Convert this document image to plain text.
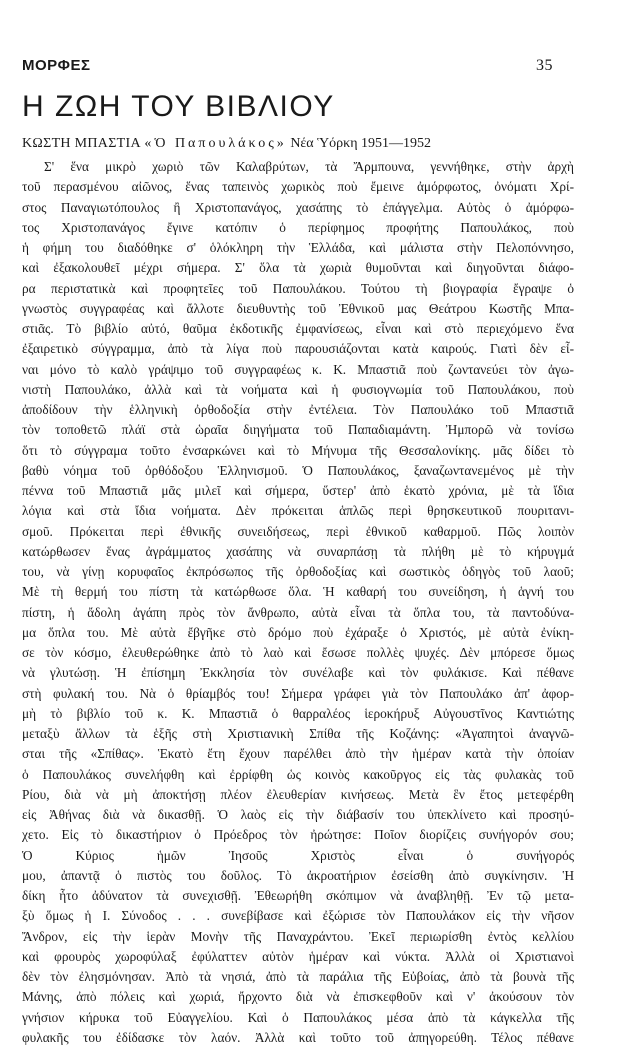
ΜΟΡΦΕΣ	35
Η ΖΩΗ ΤΟΥ ΒΙΒΛΙΟΥ
ΚΩΣΤΗ ΜΠΑΣΤΙΑ «Ὁ Παπουλάκος» Νέα Ὑόρκη 1951—1952
Σ' ἕνα μικρὸ χωριὸ τῶν Καλαβρύτων, τὰ Ἄρμπουνα, γεννήθηκε, στὴν ἀρχὴ
τοῦ περασμένου αἰῶνος, ἕνας ταπεινὸς χωρικὸς ποὺ ἔμεινε ἀμόρφωτος, ὀνόματι Χρί-
στος Παναγιωτόπουλος ἢ Χριστοπανάγος, χασάπης τὸ ἐπάγγελμα. Αὐτὸς ὁ ἀμόρφω-
τος Χριστοπανάγος ἔγινε κατόπιν ὁ περίφημος προφήτης Παπουλάκος, ποὺ
ἡ φήμη του διαδόθηκε σ' ὁλόκληρη τὴν Ἑλλάδα, καὶ μάλιστα στὴν Πελοπόννησο,
καὶ ἐξακολουθεῖ μέχρι σήμερα. Σ' ὅλα τὰ χωριὰ θυμοῦνται καὶ διηγοῦνται διάφο-
ρα περιστατικὰ καὶ προφητεῖες τοῦ Παπουλάκου. Τούτου τὴ βιογραφία ἔγραψε ὁ
γνωστὸς συγγραφέας καὶ ἄλλοτε διευθυντὴς τοῦ Ἐθνικοῦ μας Θεάτρου Κωστῆς Μπα-
στιᾶς. Τὸ βιβλίο αὐτό, θαῦμα ἐκδοτικῆς ἐμφανίσεως, εἶναι καὶ στὸ περιεχόμενο ἕνα
ἐξαιρετικὸ σύγγραμμα, ἀπὸ τὰ λίγα ποὺ παρουσιάζονται κατὰ καιρούς. Γιατὶ δὲν εἶ-
ναι μόνο τὸ καλὸ γράψιμο τοῦ συγγραφέως κ. Κ. Μπαστιᾶ ποὺ ζωντανεύει τὸν ἀγω-
νιστὴ Παπουλάκο, ἀλλὰ καὶ τὰ νοήματα καὶ ἡ φυσιογνωμία τοῦ Παπουλάκου, ποὺ
ἀποδίδουν τὴν ἑλληνικὴ ὀρθοδοξία στὴν ἐντέλεια. Τὸν Παπουλάκο τοῦ Μπαστιᾶ
τὸν τοποθετῶ πλάϊ στὰ ὡραῖα διηγήματα τοῦ Παπαδιαμάντη. Ἠμπορῶ νὰ τονίσω
ὅτι τὸ σύγγραμα τοῦτο ἐνσαρκώνει καὶ τὸ Μήνυμα τῆς Θεσσαλονίκης. μᾶς δίδει τὸ
βαθὺ νόημα τοῦ ὀρθόδοξου Ἑλληνισμοῦ. Ὁ Παπουλάκος, ξαναζωντανεμένος μὲ τὴν
πέννα τοῦ Μπαστιᾶ μᾶς μιλεῖ καὶ σήμερα, ὕστερ' ἀπὸ ἑκατὸ χρόνια, μὲ τὰ ἴδια
λόγια καὶ στὰ ἴδια νοήματα. Δὲν πρόκειται ἁπλῶς περὶ θρησκευτικοῦ πουριτανι-
σμοῦ. Πρόκειται περὶ ἐθνικῆς συνειδήσεως, περὶ ἐθνικοῦ καθαρμοῦ. Πῶς λοιπὸν
κατώρθωσεν ἕνας ἀγράμματος χασάπης νὰ συναρπάσῃ τὰ πλήθη μὲ τὸ κήρυγμά
του, νὰ γίνῃ κορυφαῖος ἐκπρόσωπος τῆς ὀρθοδοξίας καὶ σωστικὸς ὁδηγὸς τοῦ λαοῦ;
Μὲ τὴ θερμή του πίστη τὰ κατώρθωσε ὅλα. Ἡ καθαρή του συνείδηση, ἡ ἁγνή του
πίστη, ἡ ἄδολη ἀγάπη πρὸς τὸν ἄνθρωπο, αὐτὰ εἶναι τὰ ὅπλα του, τὰ παντοδύνα-
μα ὅπλα του. Μὲ αὐτὰ ἔβγῆκε στὸ δρόμο ποὺ ἐχάραξε ὁ Χριστός, μὲ αὐτὰ ἐνίκη-
σε τὸν κόσμο, ἐλευθερώθηκε ἀπὸ τὸ λαὸ καὶ ἔσωσε πολλὲς ψυχές. Δὲν μπόρεσε ὅμως
νὰ γλυτώσῃ. Ἡ ἐπίσημη Ἐκκλησία τὸν συνέλαβε καὶ τὸν φυλάκισε. Καὶ πέθανε
στὴ φυλακή του. Νὰ ὁ θρίαμβός του! Σήμερα γράφει γιὰ τὸν Παπουλάκο ἀπ' ἀφορ-
μὴ τὸ βιβλίο τοῦ κ. Κ. Μπαστιᾶ ὁ θαρραλέος ἱεροκήρυξ Αὐγουστῖνος Καντιώτης
μεταξὺ ἄλλων τὰ ἑξῆς στὴ Χριστιανικὴ Σπίθα τῆς Κοζάνης: «Ἀγαπητοὶ ἀναγνῶ-
σται τῆς «Σπίθας». Ἑκατὸ ἔτη ἔχουν παρέλθει ἀπὸ τὴν ἡμέραν κατὰ τὴν ὁποίαν
ὁ Παπουλάκος συνελήφθη καὶ ἐρρίφθη ὡς κοινὸς κακοῦργος εἰς τὰς φυλακὰς τοῦ
Ρίου, διὰ νὰ μὴ ἀποκτήσῃ πλέον ἐλευθερίαν κινήσεως. Μετὰ ἓν ἔτος μετεφέρθη
εἰς Ἀθήνας διὰ νὰ δικασθῇ. Ὁ λαὸς εἰς τὴν διάβασίν του ὑπεκλίνετο καὶ προσηύ-
χετο. Εἰς τὸ δικαστήριον ὁ Πρόεδρος τὸν ἠρώτησε: Ποῖον διορίζεις συνήγορόν σου;
Ὁ Κύριος ἡμῶν Ἰησοῦς Χριστὸς εἶναι ὁ συνήγορός
μου, ἀπαντᾷ ὁ πιστὸς του δοῦλος. Τὸ ἀκροατήριον ἐσείσθη ἀπὸ συγκίνησιν. Ἡ
δίκη ἦτο ἀδύνατον τὰ συνεχισθῇ. Ἐθεωρήθη σκόπιμον νὰ ἀναβληθῇ. Ἐν τῷ μετα-
ξὺ ὅμως ἡ Ι. Σύνοδος . . . συνεβίβασε καὶ ἐξώρισε τὸν Παπουλάκον εἰς τὴν νῆσον
Ἄνδρον, εἰς τὴν ἱερὰν Μονὴν τῆς Παναχράντου. Ἐκεῖ περιωρίσθη ἐντὸς κελλίου
καὶ φρουρὸς χωροφύλαξ ἐφύλαττεν αὐτὸν ἡμέραν καὶ νύκτα. Ἀλλὰ οἱ Χριστιανοὶ
δὲν τὸν ἐλησμόνησαν. Ἀπὸ τὰ νησιά, ἀπὸ τὰ παράλια τῆς Εὐβοίας, ἀπὸ τὰ βουνὰ τῆς
Μάνης, ἀπὸ πόλεις καὶ χωριά, ἤρχοντο διὰ νὰ ἐπισκεφθοῦν καὶ ν' ἀκούσουν τὸν
γνήσιον κήρυκα τοῦ Εὐαγγελίου. Καὶ ὁ Παπουλάκος μέσα ἀπὸ τὰ κάγκελλα τῆς
φυλακῆς του ἐδίδασκε τὸν λαόν. Ἀλλὰ καὶ τοῦτο τοῦ ἀπηγορεύθη. Τέλος πέθανε
